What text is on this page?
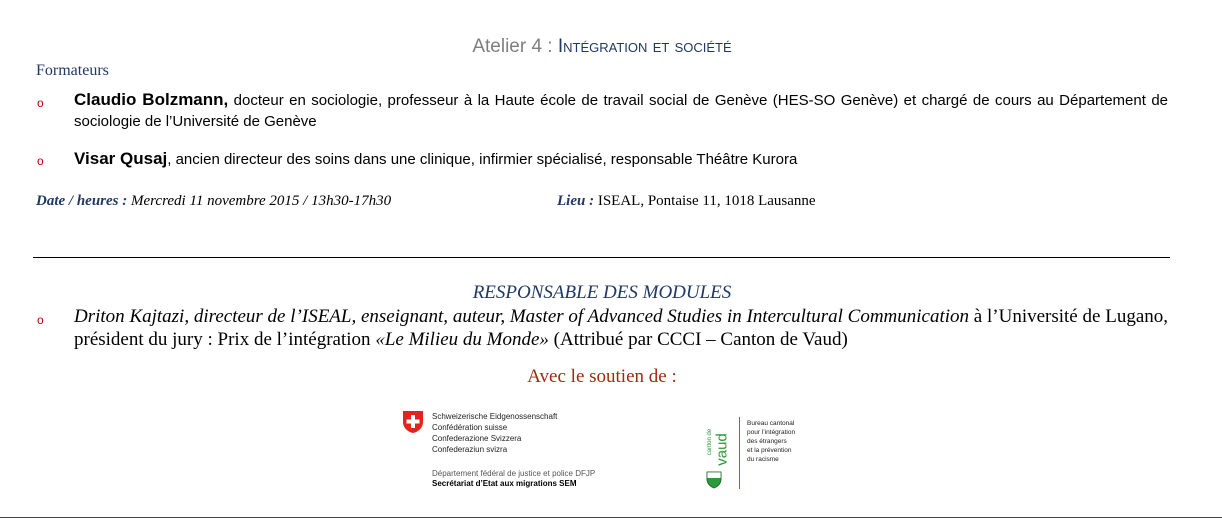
Atelier 4 : Intégration et société
Formateurs
o Claudio Bolzmann, docteur en sociologie, professeur à la Haute école de travail social de Genève (HES-SO Genève) et chargé de cours au Département de sociologie de l’Université de Genève
o Visar Qusaj, ancien directeur des soins dans une clinique, infirmier spécialisé, responsable Théâtre Kurora
Date / heures : Mercredi 11 novembre 2015 / 13h30-17h30	Lieu : ISEAL, Pontaise 11, 1018 Lausanne
RESPONSABLE DES MODULES
o Driton Kajtazi, directeur de l’ISEAL, enseignant, auteur, Master of Advanced Studies in Intercultural Communication à l’Université de Lugano, président du jury : Prix de l’intégration «Le Milieu du Monde» (Attribué par CCCI – Canton de Vaud)
Avec le soutien de :
Schweizerische Eidgenossenschaft
Confédération suisse
Confederazione Svizzera
Confederaziun svizra
Département fédéral de justice et police DFJP
Secrétariat d’Etat aux migrations SEM
canton de vaud
Bureau cantonal
pour l’intégration
des étrangers
et la prévention
du racisme
